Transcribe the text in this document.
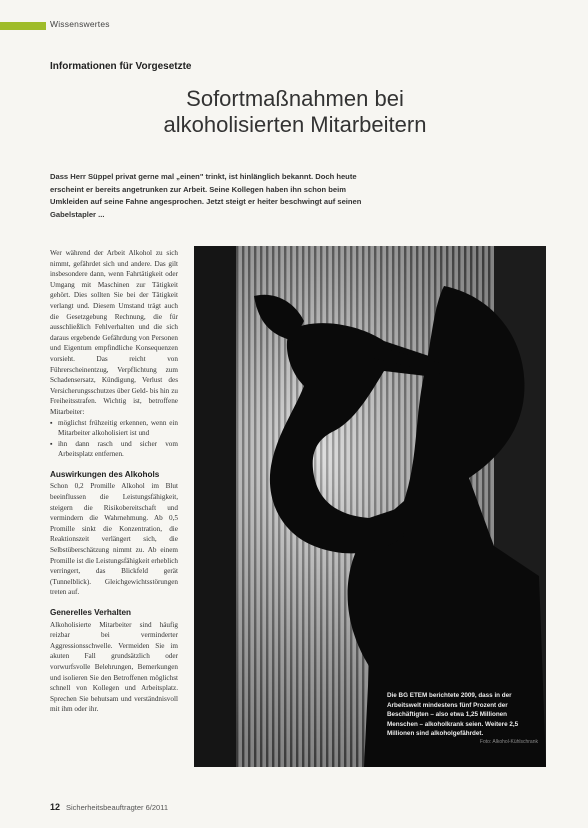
Wissenswertes
Informationen für Vorgesetzte
Sofortmaßnahmen bei
alkoholisierten Mitarbeitern
Dass Herr Süppel privat gerne mal „einen" trinkt, ist hinlänglich bekannt. Doch heute erscheint er bereits angetrunken zur Arbeit. Seine Kollegen haben ihn schon beim Umkleiden auf seine Fahne angesprochen. Jetzt steigt er heiter beschwingt auf seinen Gabelstapler ...

Wer während der Arbeit Alkohol zu sich nimmt, gefährdet sich und andere. Das gilt insbesondere dann, wenn Fahrtätigkeit oder Umgang mit Maschinen zur Tätigkeit gehört. Dies sollten Sie bei der Tätigkeit verlangt und. Diesem Umstand trägt auch die Gesetzgebung Rechnung, die für ausschließlich Fehlverhalten und die sich daraus ergebende Gefährdung von Personen und Eigentum empfindliche Konsequenzen vorsieht. Das reicht von Führerscheinentzug, Verpflichtung zum Schadensersatz, Kündigung, Verlust des Versicherungsschutzes über Geld- bis hin zu Freiheitsstrafen. Wichtig ist, betroffene Mitarbeiter:

▪ möglichst frühzeitig erkennen, wenn ein Mitarbeiter alkoholisiert ist und
▪ ihn dann rasch und sicher vom Arbeitsplatz entfernen.
Auswirkungen des Alkohols

Schon 0,2 Promille Alkohol im Blut beeinflussen die Leistungsfähigkeit, steigern die Risikobereitschaft und vermindern die Wahrnehmung. Ab 0,5 Promille sinkt die Konzentration, die Reaktionszeit verlängert sich, die Selbstüberschätzung nimmt zu. Ab einem Promille ist die Leistungsfähigkeit erheblich verringert, das Blickfeld gerät (Tunnelblick). Gleichgewichtsstörungen treten auf.

Generelles Verhalten

Alkoholisierte Mitarbeiter sind häufig reizbar bei verminderter Aggressionsschwelle. Vermeiden Sie im akuten Fall grundsätzlich oder vorwurfsvolle Belehrungen, Bemerkungen und isolieren Sie den Betroffenen möglichst schnell von Kollegen und Arbeitsplatz. Sprechen Sie behutsam und verständnisvoll mit ihm oder ihr.

Die BG ETEM berichtete 2009, dass in der Arbeitswelt mindestens fünf Prozent der Beschäftigten – also etwa 1,25 Millionen Menschen – alkoholkrank seien. Weitere 2,5 Millionen sind alkoholgefährdet.
Foto: Alkohol-Kühlschrank
12 Sicherheitsbeauftragter 6/2011
